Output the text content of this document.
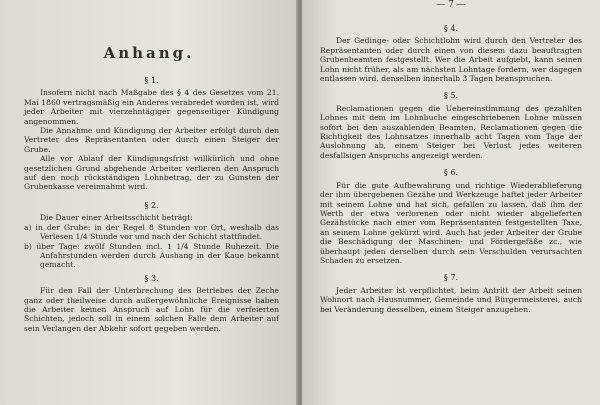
Anhang.
§ 1.

Insofern nicht nach Maßgabe des § 4 des Gesetzes vom 21. Mai 1860 vertragsmäßig ein Anderes verabredet worden ist, wird jeder Arbeiter mit vierzehntägiger gegenseitiger Kündigung angenommen.

Die Annahme und Kündigung der Arbeiter erfolgt durch den Vertreter des Repräsentanten oder durch einen Steiger der Grube.

Alle vor Ablauf der Kündigungsfrist willkürlich und ohne gesetzlichen Grund abgehende Arbeiter verlieren den Anspruch auf den noch rückständigen Lohnbetrag, der zu Gunsten der Grubenkasse vereinnahmt wird.

§ 2.

Die Dauer einer Arbeitsschicht beträgt:

a) in der Grube: in der Regel 8 Stunden vor Ort, weshalb das Verlesen 1/4 Stunde vor und nach der Schicht stattfindet.

b) über Tage: zwölf Stunden incl. 1 1/4 Stunde Ruhezeit. Die Anfahrstunden werden durch Aushang in der Kaue bekannt gemacht.

§ 3.

Für den Fall der Unterbrechung des Betriebes der Zeche ganz oder theilweise durch außergewöhnliche Ereignisse haben die Arbeiter keinen Anspruch auf Lohn für die verfeierten Schichten, jedoch soll in einem solchen Falle dem Arbeiter auf sein Verlangen der Abkehr sofort gegeben werden.

— 7 —
§ 4.

Der Gedinge- oder Schichtlohn wird durch den Vertreter des Repräsentanten oder durch einen von diesem dazu beauftragten Grubenbeamten festgestellt. Wer die Arbeit aufgiebt, kann seinen Lohn nicht früher, als am nächsten Lohntage fordern, wer dagegen entlassen wird, denselben innerhalb 3 Tagen beanspruchen.

§ 5.

Reclamationen gegen die Uebereinstimmung des gezahlten Lohnes mit dem im Lohnbuche eingeschriebenen Lohne müssen sofort bei den auszahlenden Beamten, Reclamationen gegen die Richtigkeit des Lohnsatzes innerhalb acht Tagen vom Tage der Auslohnung ab, einem Steiger bei Verlust jedes weiteren desfallsigen Anspruchs angezeigt werden.

§ 6.

Für die gute Aufbewahrung und richtige Wiederablieferung der ihm übergebenen Gezähe und Werkzeuge haftet jeder Arbeiter mit seinem Lohne und hat sich, gefallen zu lassen, daß ihm der Werth der etwa verlorenen oder nicht wieder abgelieferten Gezähstücke nach einer vom Repräsentanten festgestellten Taxe, an seinem Lohne gekürzt wird. Auch hat jeder Arbeiter der Grube die Beschädigung der Maschinen- und Fördergefäße zc., wie überhaupt jeden derselben durch sein Verschulden verursachten Schaden zu ersetzen.

§ 7.

Jeder Arbeiter ist verpflichtet, beim Antritt der Arbeit seinen Wohnort nach Hausnummer, Gemeinde und Bürgermeisterei, auch bei Veränderung desselben, einem Steiger anzugeben.
